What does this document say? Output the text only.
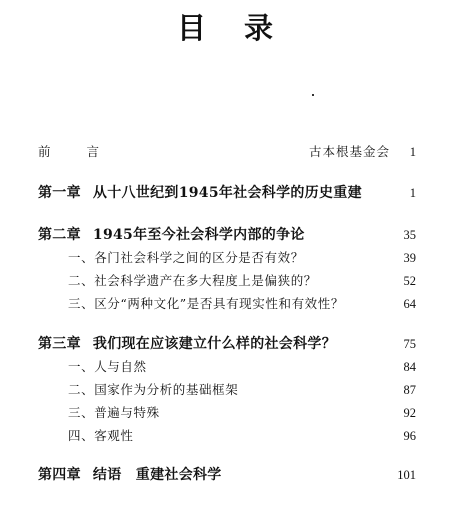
目 录
前 言	古本根基金会 1
第一章 从十八世纪到1945年社会科学的历史重建	1
第二章 1945年至今社会科学内部的争论	35
一、各门社会科学之间的区分是否有效？	39
二、社会科学遗产在多大程度上是偏狭的？	52
三、区分“两种文化”是否具有现实性和有效性？	64
第三章 我们现在应该建立什么样的社会科学？	75
一、人与自然	84
二、国家作为分析的基础框架	87
三、普遍与特殊	92
四、客观性	96
第四章 结语　重建社会科学	101
